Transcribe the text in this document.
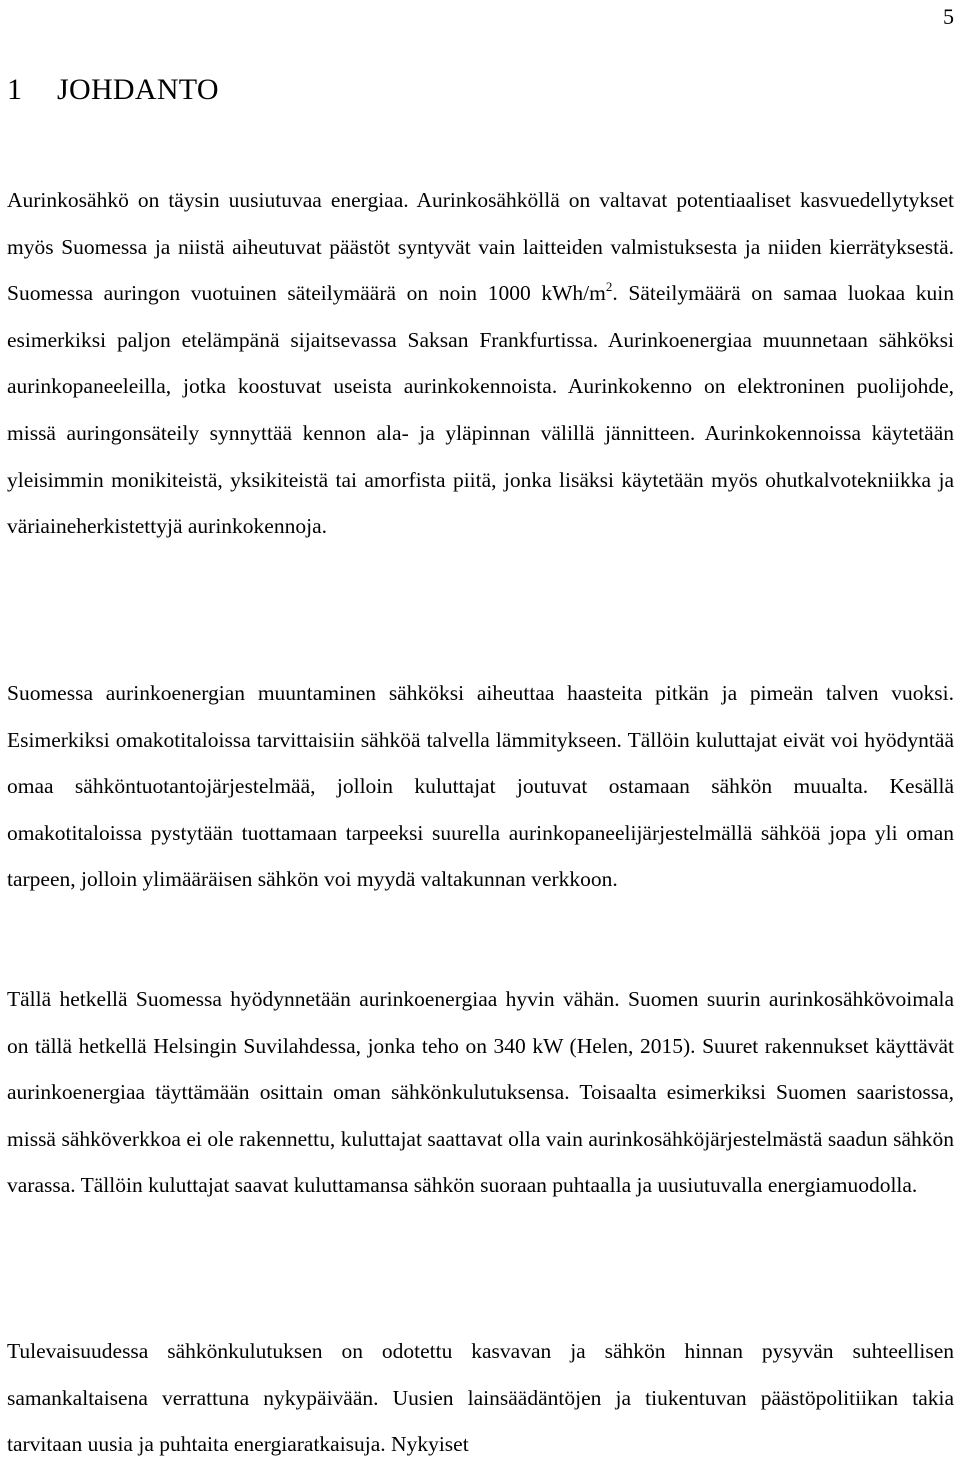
5
1 JOHDANTO

Aurinkosähkö on täysin uusiutuvaa energiaa. Aurinkosähköllä on valtavat potentiaaliset kasvuedellytykset myös Suomessa ja niistä aiheutuvat päästöt syntyvät vain laitteiden valmistuksesta ja niiden kierrätyksestä. Suomessa auringon vuotuinen säteilymäärä on noin 1000 kWh/$m^2$. Säteilymäärä on samaa luokaa kuin esimerkiksi paljon etelämpänä sijaitsevassa Saksan Frankfurtissa. Aurinkoenergiaa muunnetaan sähköksi aurinkopaneeleilla, jotka koostuvat useista aurinkokennoista. Aurinkokenno on elektroninen puolijohde, missä auringonsäteily synnyttää kennon ala- ja yläpinnan välillä jännitteen. Aurinkokennoissa käytetään yleisimmin monikiteistä, yksikiteistä tai amorfista piitä, jonka lisäksi käytetään myös ohutkalvotekniikka ja väriaineherkistettyjä aurinkokennoja.

Suomessa aurinkoenergian muuntaminen sähköksi aiheuttaa haasteita pitkän ja pimeän talven vuoksi. Esimerkiksi omakotitaloissa tarvittaisiin sähköä talvella lämmitykseen. Tällöin kuluttajat eivät voi hyödyntää omaa sähköntuotantojärjestelmää, jolloin kuluttajat joutuvat ostamaan sähkön muualta. Kesällä omakotitaloissa pystytään tuottamaan tarpeeksi suurella aurinkopaneelijärjestelmällä sähköä jopa yli oman tarpeen, jolloin ylimääräisen sähkön voi myydä valtakunnan verkkoon.

Tällä hetkellä Suomessa hyödynnetään aurinkoenergiaa hyvin vähän. Suomen suurin aurinkosähkövoimala on tällä hetkellä Helsingin Suvilahdessa, jonka teho on 340 kW (Helen, 2015). Suuret rakennukset käyttävät aurinkoenergiaa täyttämään osittain oman sähkönkulutuksensa. Toisaalta esimerkiksi Suomen saaristossa, missä sähköverkkoa ei ole rakennettu, kuluttajat saattavat olla vain aurinkosähköjärjestelmästä saadun sähkön varassa. Tällöin kuluttajat saavat kuluttamansa sähkön suoraan puhtaalla ja uusiutuvalla energiamuodolla.

Tulevaisuudessa sähkönkulutuksen on odotettu kasvavan ja sähkön hinnan pysyvän suhteellisen samankaltaisena verrattuna nykypäivään. Uusien lainsäädäntöjen ja tiukentuvan päästöpolitiikan takia tarvitaan uusia ja puhtaita energiaratkaisuja. Nykyiset
